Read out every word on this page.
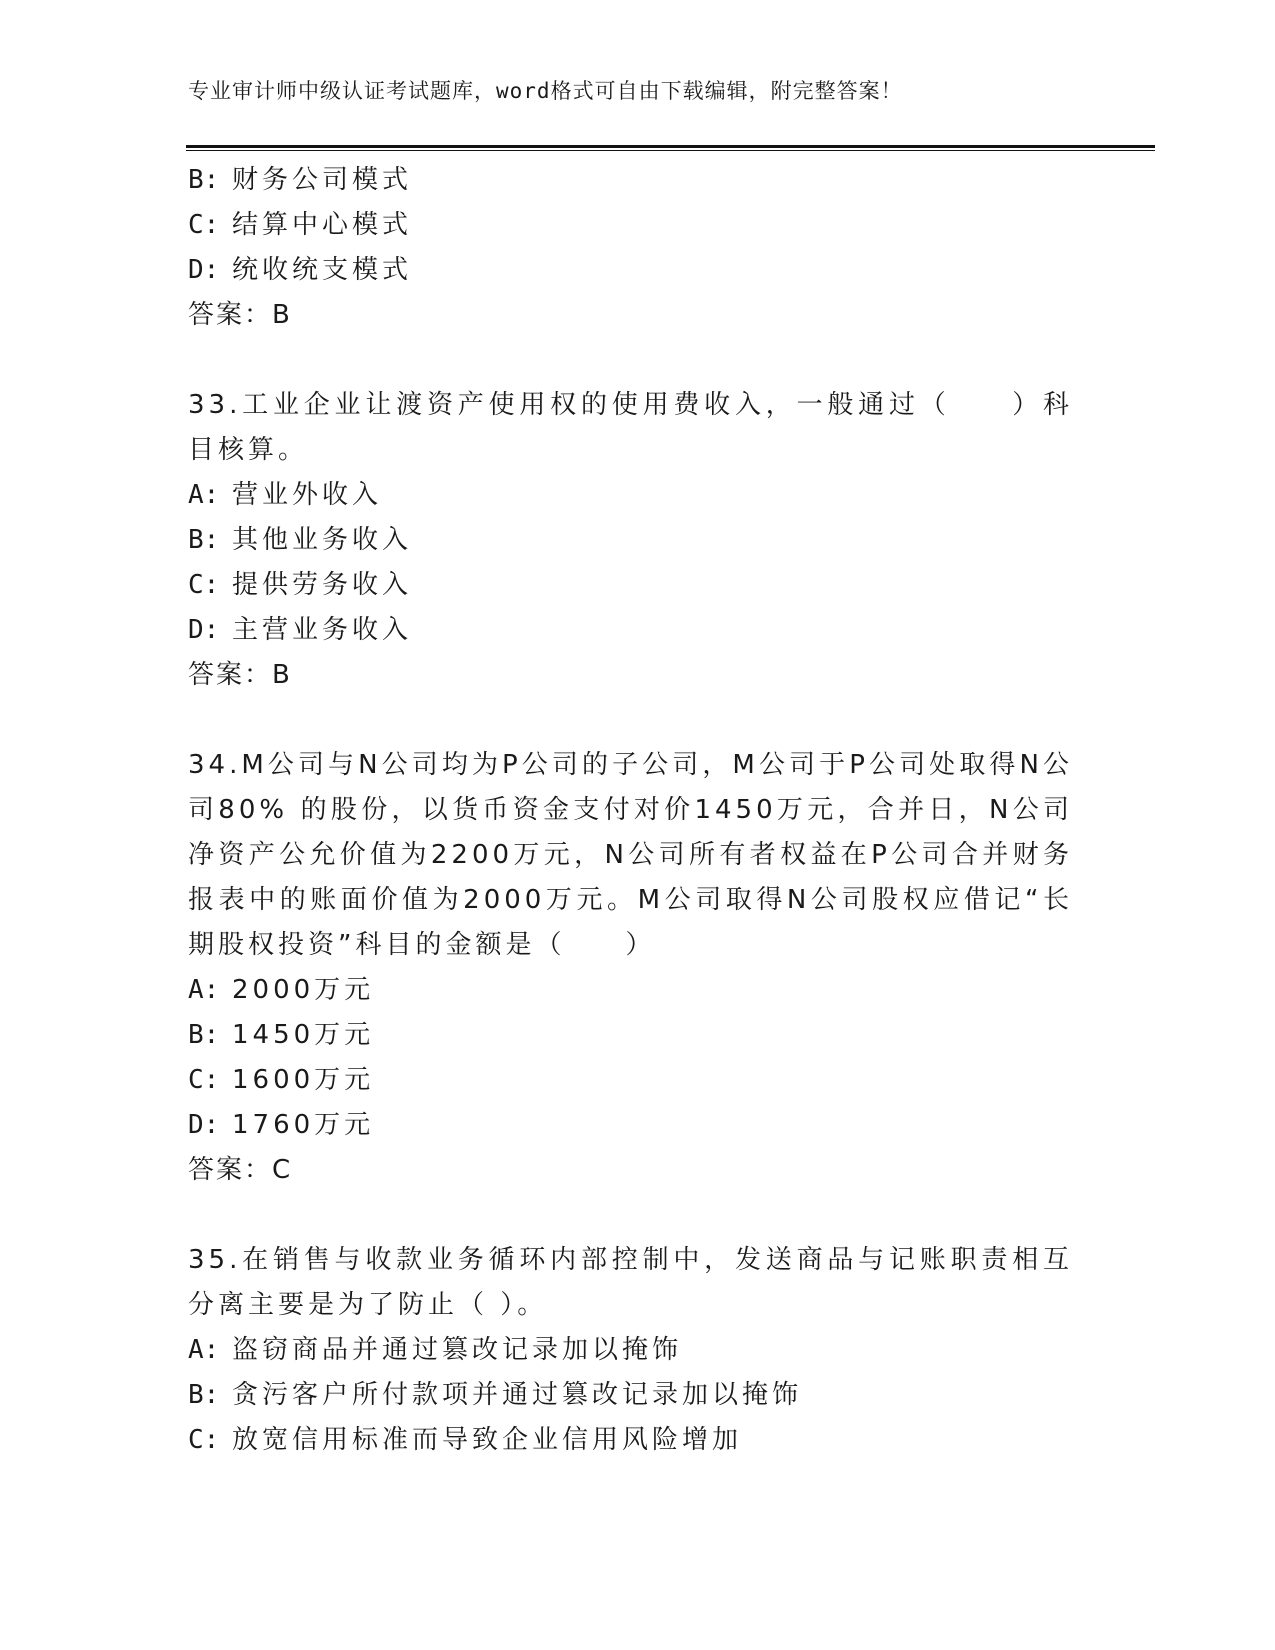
专业审计师中级认证考试题库，word格式可自由下载编辑，附完整答案！
B: 财务公司模式
C: 结算中心模式
D: 统收统支模式
答案：B
33.工业企业让渡资产使用权的使用费收入，一般通过（　　）科目核算。
A: 营业外收入
B: 其他业务收入
C: 提供劳务收入
D: 主营业务收入
答案：B
34.M公司与N公司均为P公司的子公司，M公司于P公司处取得N公司80% 的股份，以货币资金支付对价1450万元，合并日，N公司净资产公允价值为2200万元，N公司所有者权益在P公司合并财务报表中的账面价值为2000万元。M公司取得N公司股权应借记“长期股权投资”科目的金额是（　　）
A: 2000万元
B: 1450万元
C: 1600万元
D: 1760万元
答案：C
35.在销售与收款业务循环内部控制中，发送商品与记账职责相互分离主要是为了防止（ ）。
A: 盗窃商品并通过篡改记录加以掩饰
B: 贪污客户所付款项并通过篡改记录加以掩饰
C: 放宽信用标准而导致企业信用风险增加
